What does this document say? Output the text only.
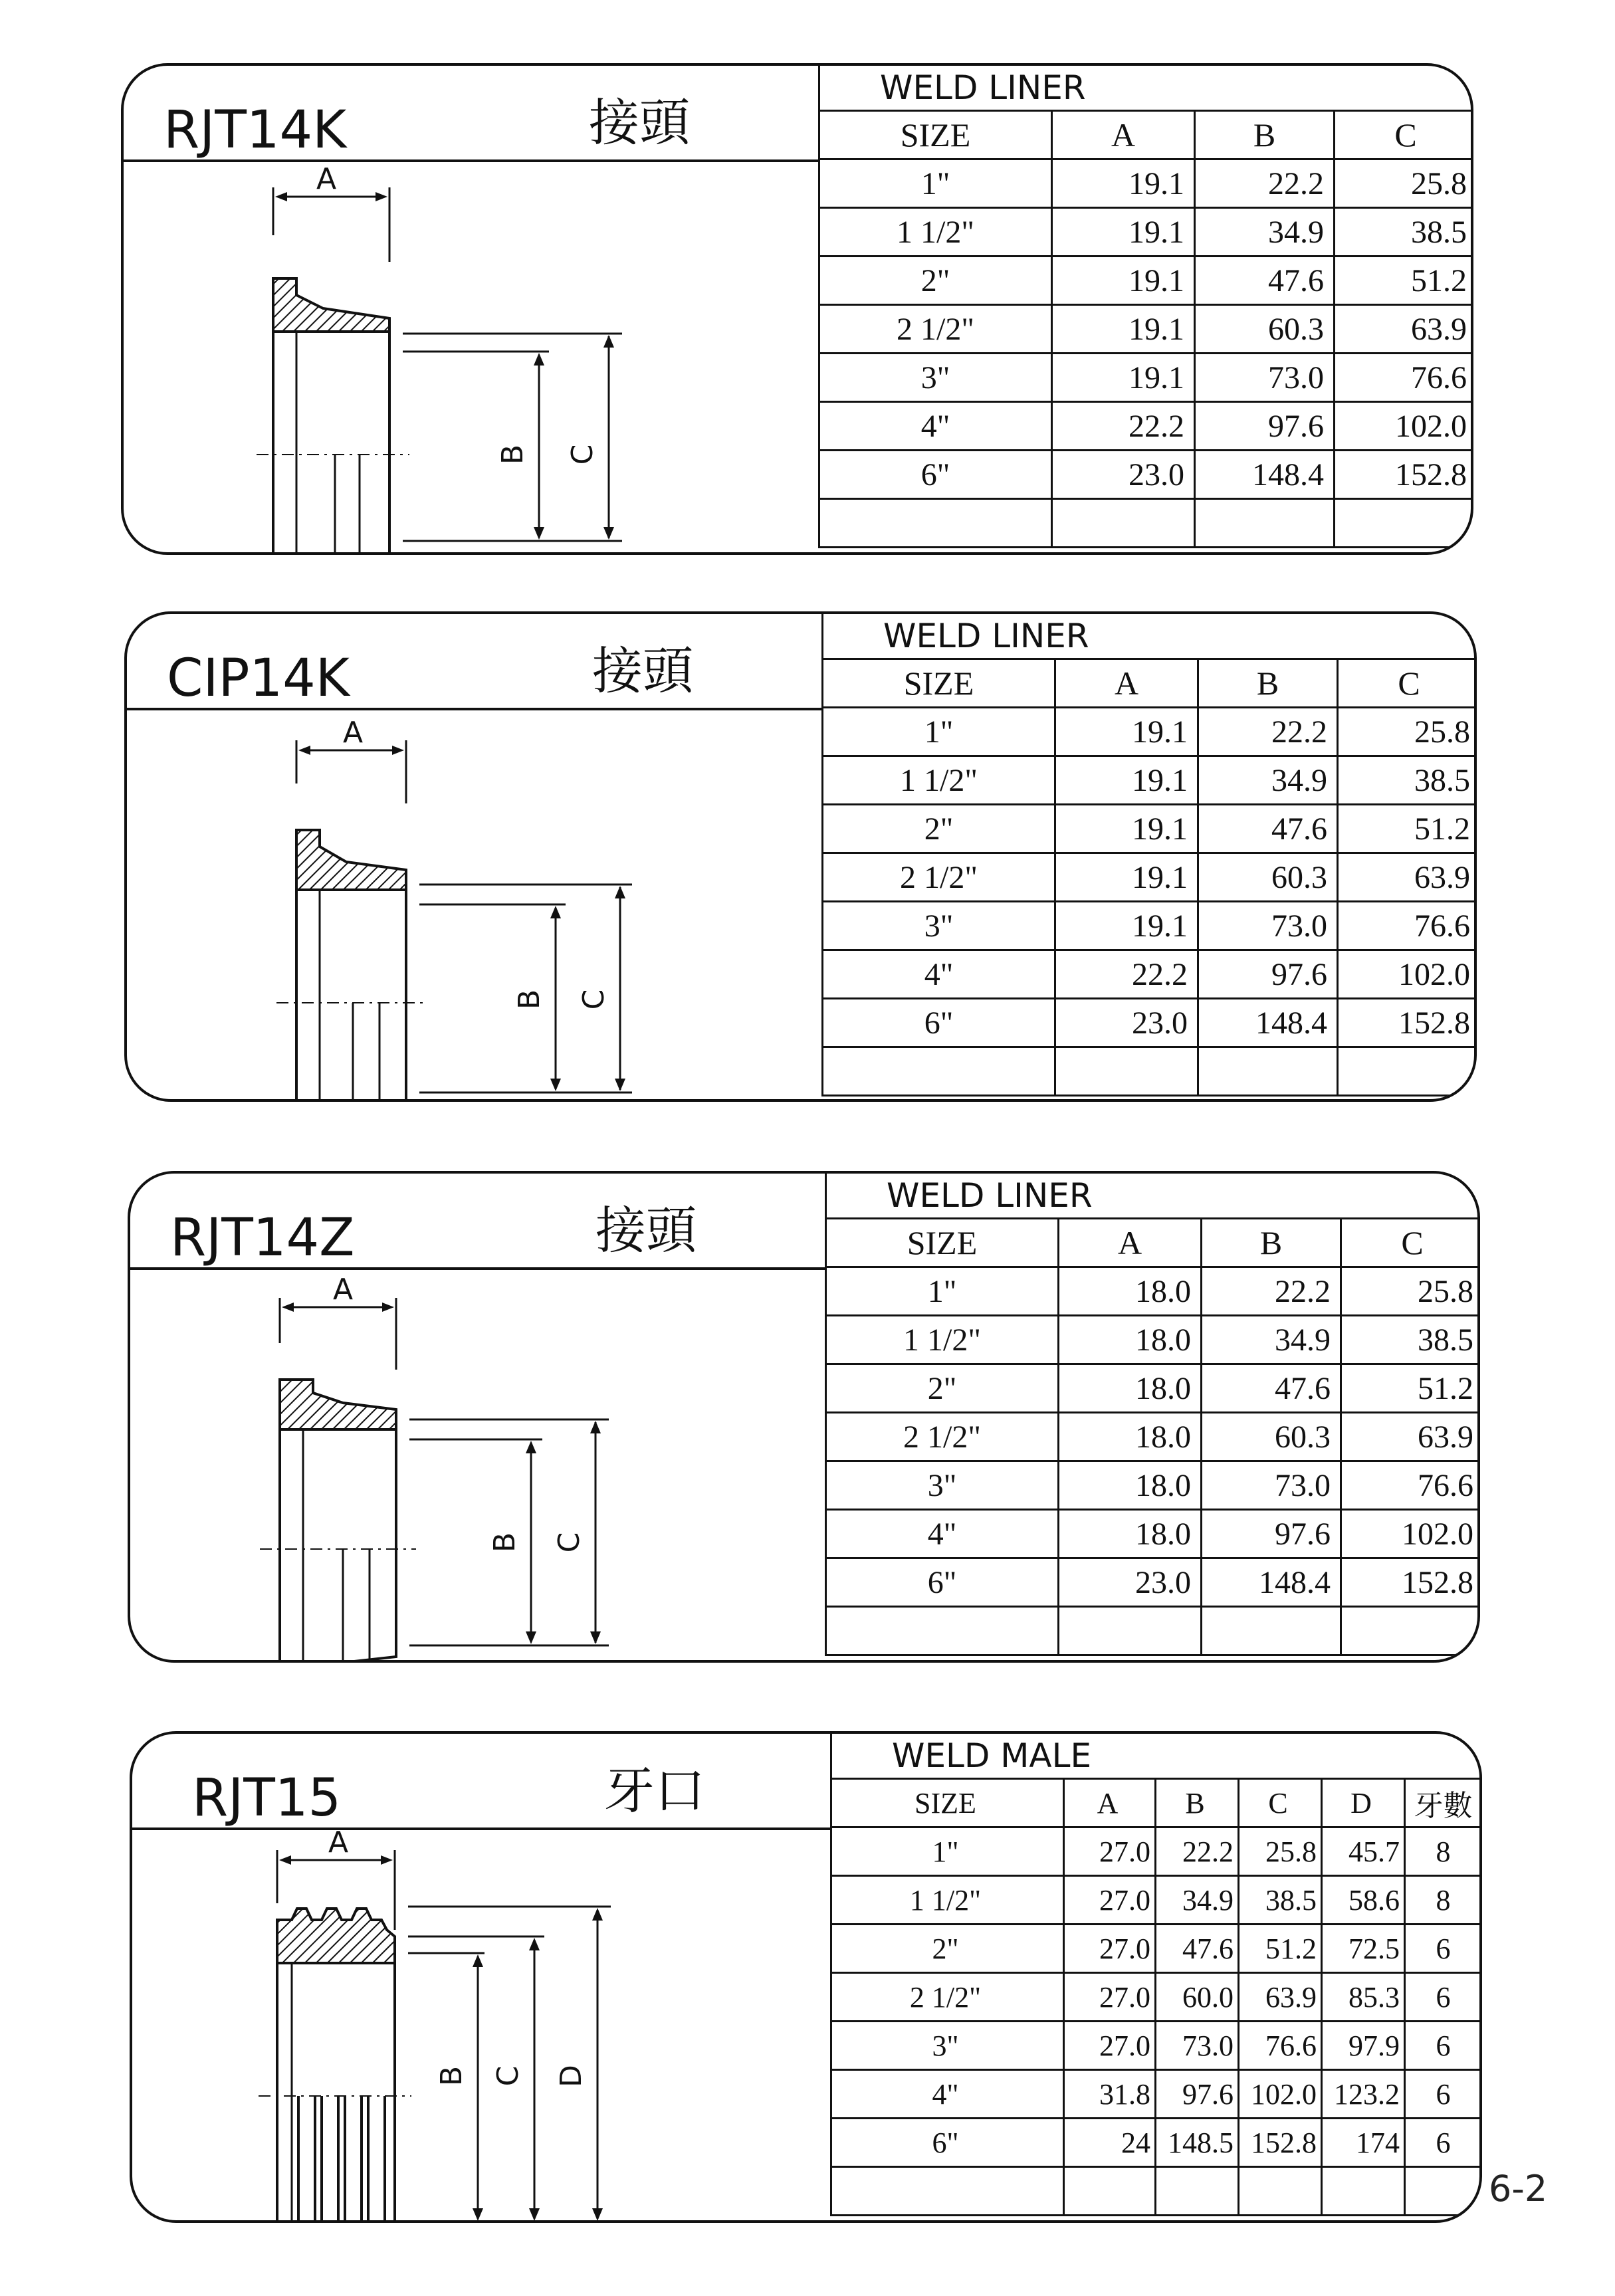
RJT14K	接頭
A
B C
WELD LINER			
SIZE	A	B	C
1"	19.1	22.2	25.8
1 1/2"	19.1	34.9	38.5
2"	19.1	47.6	51.2
2 1/2"	19.1	60.3	63.9
3"	19.1	73.0	76.6
4"	22.2	97.6	102.0
6"	23.0	148.4	152.8

CIP14K	接頭
A
B C
WELD LINER			
SIZE	A	B	C
1"	19.1	22.2	25.8
1 1/2"	19.1	34.9	38.5
2"	19.1	47.6	51.2
2 1/2"	19.1	60.3	63.9
3"	19.1	73.0	76.6
4"	22.2	97.6	102.0
6"	23.0	148.4	152.8

RJT14Z	接頭
A
B C
WELD LINER			
SIZE	A	B	C
1"	18.0	22.2	25.8
1 1/2"	18.0	34.9	38.5
2"	18.0	47.6	51.2
2 1/2"	18.0	60.3	63.9
3"	18.0	73.0	76.6
4"	18.0	97.6	102.0
6"	23.0	148.4	152.8

RJT15	牙口
A
B C D
WELD MALE					
SIZE	A	B	C	D	牙數
1"	27.0	22.2	25.8	45.7	8
1 1/2"	27.0	34.9	38.5	58.6	8
2"	27.0	47.6	51.2	72.5	6
2 1/2"	27.0	60.0	63.9	85.3	6
3"	27.0	73.0	76.6	97.9	6
4"	31.8	97.6	102.0	123.2	6
6"	24	148.5	152.8	174	6

6-2
